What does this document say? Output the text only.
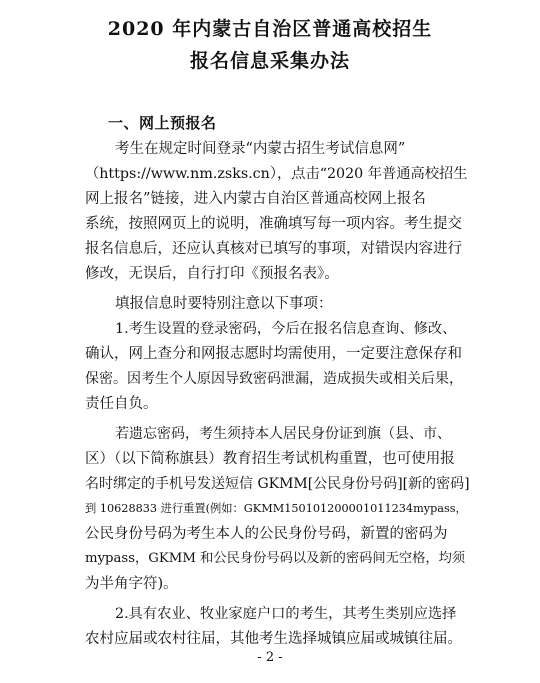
2020 年内蒙古自治区普通高校招生
报名信息采集办法
一、网上预报名
考生在规定时间登录“内蒙古招生考试信息网”
（https://www.nm.zsks.cn），点击“2020 年普通高校招生
网上报名”链接，进入内蒙古自治区普通高校网上报名
系统，按照网页上的说明，准确填写每一项内容。考生提交
报名信息后，还应认真核对已填写的事项，对错误内容进行
修改，无误后，自行打印《预报名表》。
填报信息时要特别注意以下事项：
1.考生设置的登录密码，今后在报名信息查询、修改、
确认，网上查分和网报志愿时均需使用，一定要注意保存和
保密。因考生个人原因导致密码泄漏，造成损失或相关后果，
责任自负。
若遗忘密码，考生须持本人居民身份证到旗（县、市、
区）（以下简称旗县）教育招生考试机构重置，也可使用报
名时绑定的手机号发送短信 GKMM[公民身份号码][新的密码]
到 10628833 进行重置(例如：GKMM150101200001011234mypass，
公民身份号码为考生本人的公民身份号码，新置的密码为
mypass，GKMM 和公民身份号码以及新的密码间无空格，均须
为半角字符)。
2.具有农业、牧业家庭户口的考生，其考生类别应选择
农村应届或农村往届，其他考生选择城镇应届或城镇往届。
- 2 -
